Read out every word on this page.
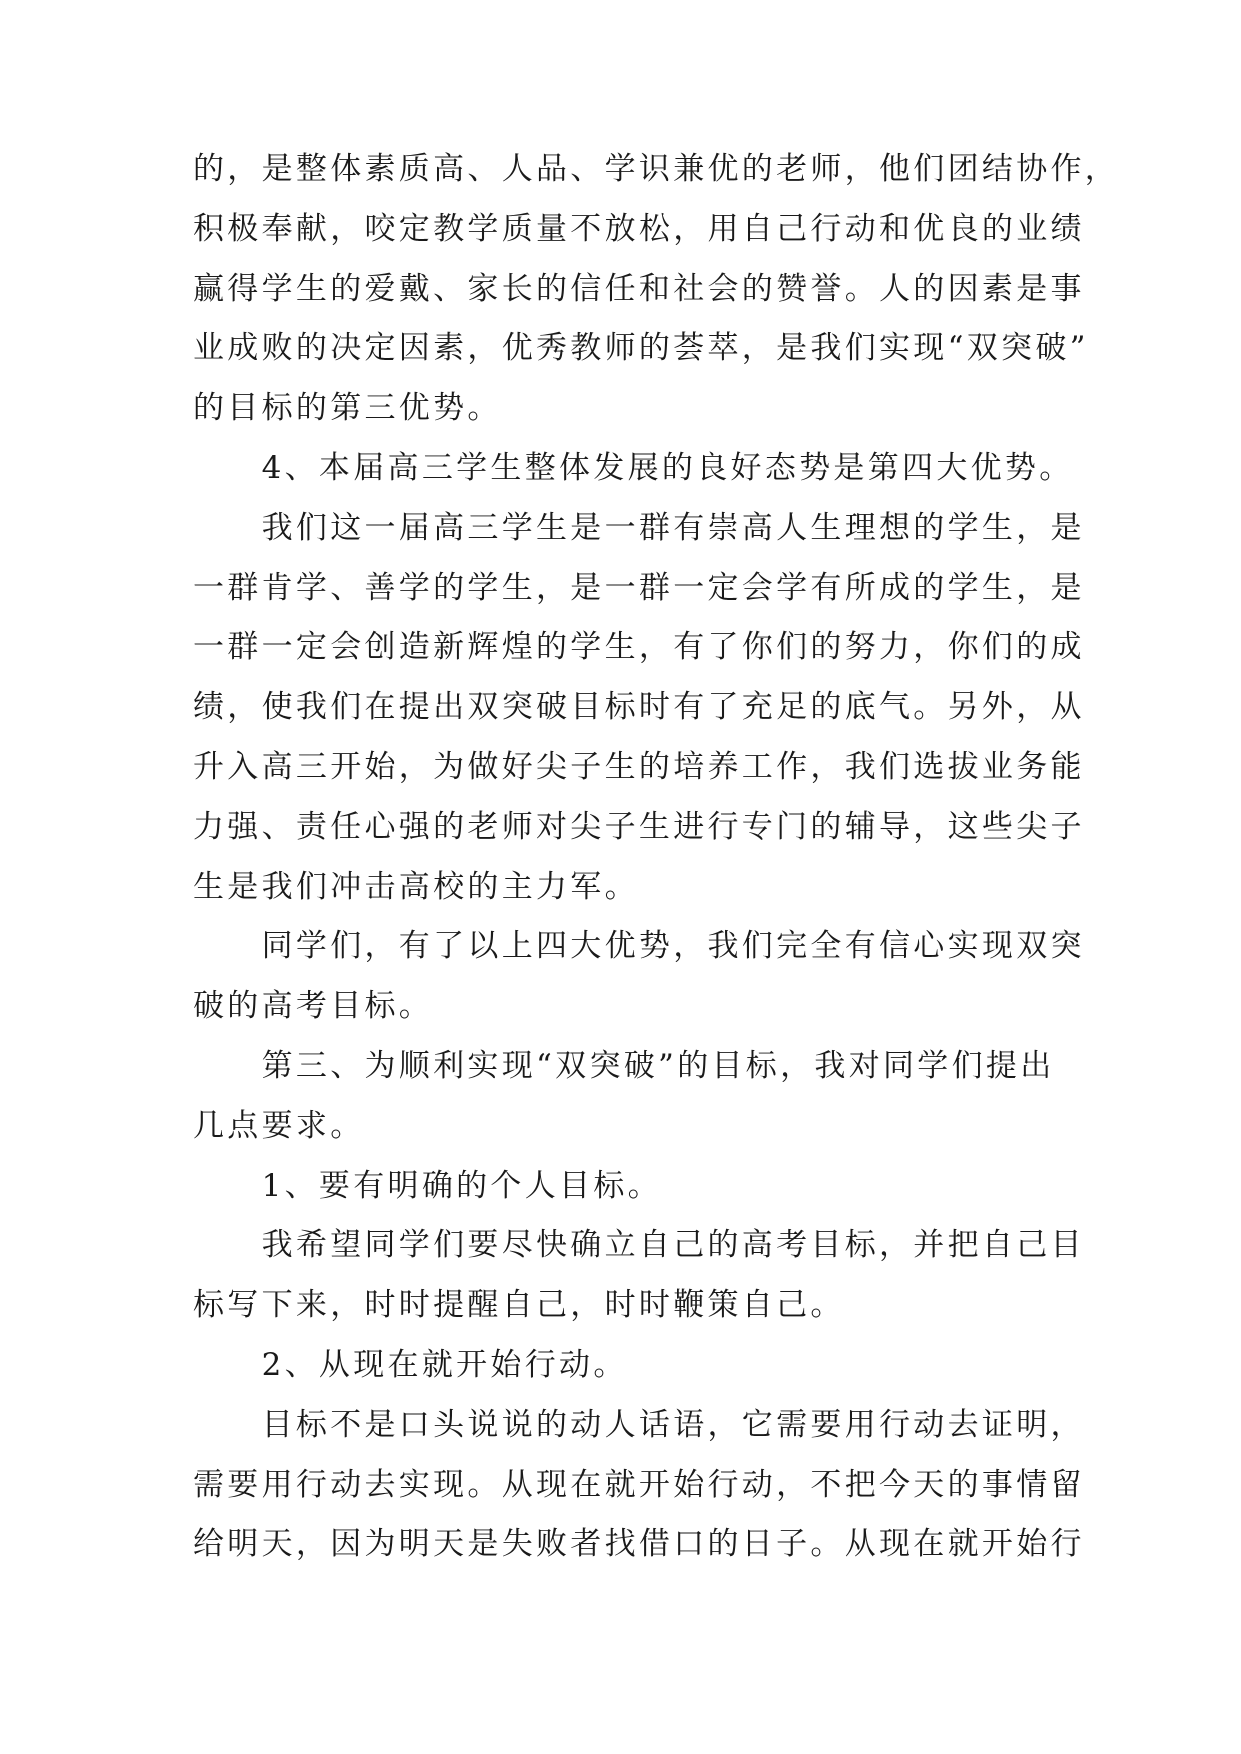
的，是整体素质高、人品、学识兼优的老师，他们团结协作，
积极奉献，咬定教学质量不放松，用自己行动和优良的业绩
赢得学生的爱戴、家长的信任和社会的赞誉。人的因素是事
业成败的决定因素，优秀教师的荟萃，是我们实现“双突破”
的目标的第三优势。
　　4、本届高三学生整体发展的良好态势是第四大优势。
　　我们这一届高三学生是一群有崇高人生理想的学生，是
一群肯学、善学的学生，是一群一定会学有所成的学生，是
一群一定会创造新辉煌的学生，有了你们的努力，你们的成
绩，使我们在提出双突破目标时有了充足的底气。另外，从
升入高三开始，为做好尖子生的培养工作，我们选拔业务能
力强、责任心强的老师对尖子生进行专门的辅导，这些尖子
生是我们冲击高校的主力军。
　　同学们，有了以上四大优势，我们完全有信心实现双突
破的高考目标。
　　第三、为顺利实现“双突破”的目标，我对同学们提出
几点要求。
　　1、要有明确的个人目标。
　　我希望同学们要尽快确立自己的高考目标，并把自己目
标写下来，时时提醒自己，时时鞭策自己。
　　2、从现在就开始行动。
　　目标不是口头说说的动人话语，它需要用行动去证明，
需要用行动去实现。从现在就开始行动，不把今天的事情留
给明天，因为明天是失败者找借口的日子。从现在就开始行
